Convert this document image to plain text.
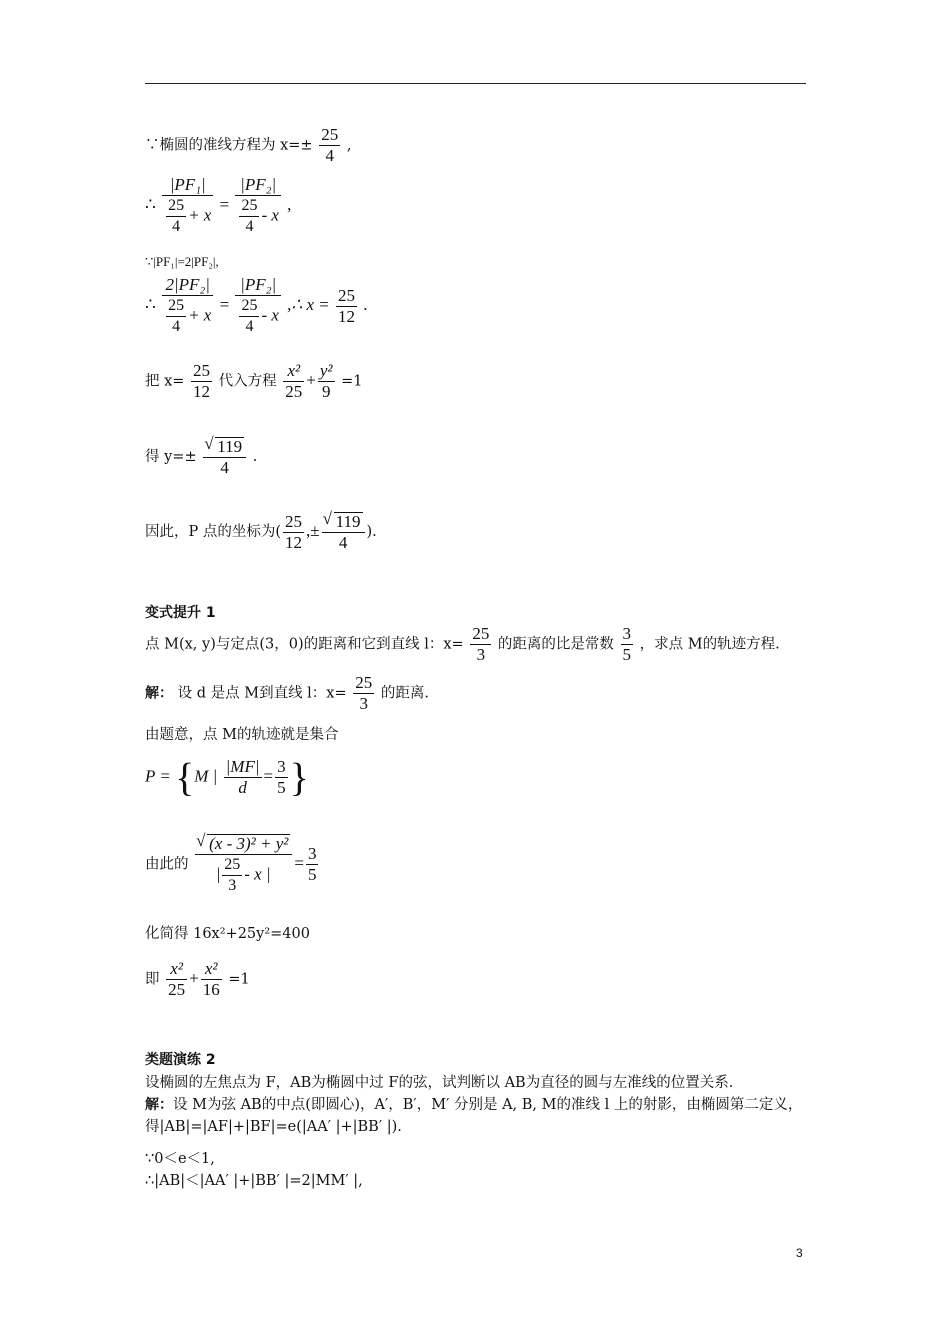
∵椭圆的准线方程为 $x=\pm \frac{25}{4}$ ,
∴ $\frac{\text{|PF₁|}}{\frac{25}{4} + x} = \frac{\text{|PF₂|}}{\frac{25}{4} - x}$ ,
∵|PF₁|=2|PF₂|,
∴ $\frac{\text{2|PF₂|}}{\frac{25}{4} + x} = \frac{\text{|PF₂|}}{\frac{25}{4} - x}$ ,∴ $x = \frac{25}{12}$ .
把 $x= \frac{25}{12}$ 代入方程 $\frac{\text{x²}}{25} + \frac{\text{y²}}{9} =1$
得 y=± √ $\frac{119}{4}$ .
因此，P 点的坐标为( $\frac{25}{12}$ ,± √ $\frac{119}{4}$ ).
变式提升 1
点 M(x, y)与定点(3，0)的距离和它到直线 l：$x= \frac{25}{3}$ 的距离的比是常数 $\frac{3}{5}$ ，求点 M的轨迹方程.
解： 设 d 是点 M到直线 l：$x= \frac{25}{3}$ 的距离.
由题意，点 M的轨迹就是集合
P = {M | $\frac{|MF|}{d} = \frac{3}{5}$ }
由此的 √ $\frac{\text{(x - 3)² + y²}}{| \frac{25}{3} - x |} = \frac{3}{5}$
化简得 16x²+25y²=400
即 $\frac{\text{x²}}{25} + \frac{\text{x²}}{16} =1$
类题演练 2
设椭圆的左焦点为 F，AB为椭圆中过 F的弦，试判断以 AB为直径的圆与左准线的位置关系.
解：设 M为弦 AB的中点(即圆心)，A′，B′，M′ 分别是 A, B, M的准线 l 上的射影，由椭圆第二定义，得|AB|=|AF|+|BF|=e(|AA′ |+|BB′ |).
∵0＜e＜1,
∴|AB|＜|AA′ |+|BB′ |=2|MM′ |,
3
